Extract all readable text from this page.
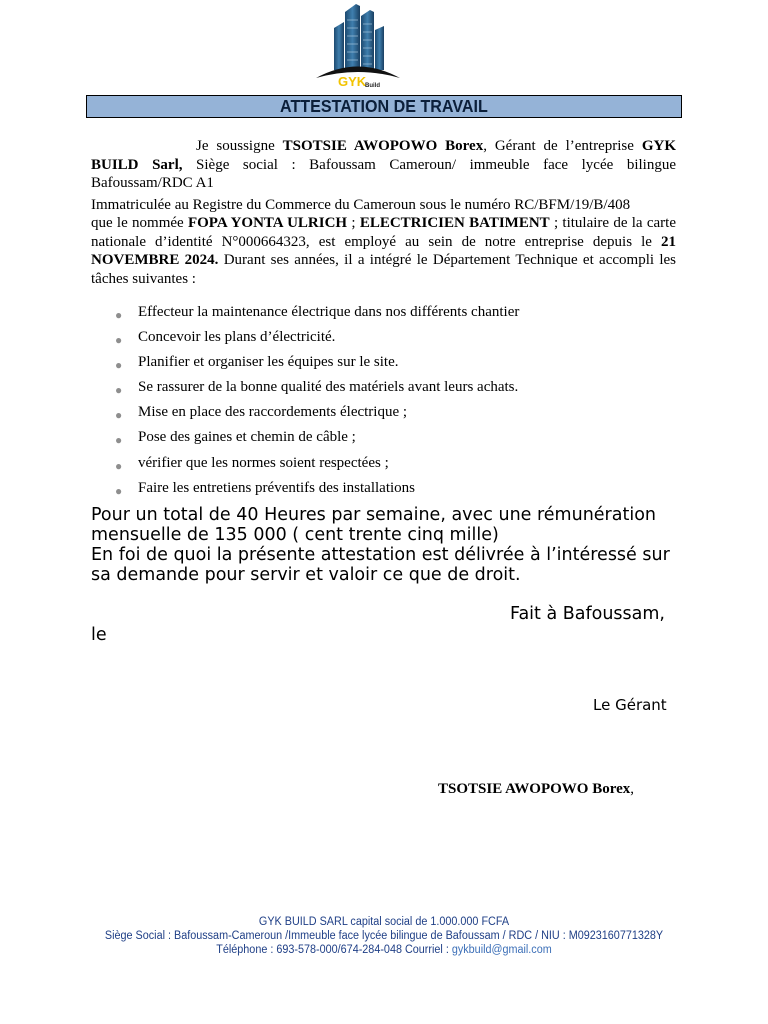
GYK
Build
ATTESTATION DE TRAVAIL
Je soussigne TSOTSIE AWOPOWO Borex, Gérant de l’entreprise GYK BUILD Sarl, Siège social : Bafoussam Cameroun/ immeuble face lycée bilingue Bafoussam/RDC A1
Immatriculée au Registre du Commerce du Cameroun sous le numéro RC/BFM/19/B/408
que le nommée FOPA YONTA ULRICH ; ELECTRICIEN BATIMENT ; titulaire de la carte nationale d’identité N°000664323, est employé au sein de notre entreprise depuis le 21 NOVEMBRE 2024. Durant ses années, il a intégré le Département Technique et accompli les tâches suivantes :
● Effecteur la maintenance électrique dans nos différents chantier
● Concevoir les plans d’électricité.
● Planifier et organiser les équipes sur le site.
● Se rassurer de la bonne qualité des matériels avant leurs achats.
● Mise en place des raccordements électrique ;
● Pose des gaines et chemin de câble ;
● vérifier que les normes soient respectées ;
● Faire les entretiens préventifs des installations
Pour un total de 40 Heures par semaine, avec une rémunération mensuelle de 135 000 ( cent trente cinq mille)
En foi de quoi la présente attestation est délivrée à l’intéressé sur sa demande pour servir et valoir ce que de droit.
Fait à Bafoussam,
le
Le Gérant
TSOTSIE AWOPOWO Borex,
GYK BUILD SARL capital social de 1.000.000 FCFA
Siège Social : Bafoussam-Cameroun /Immeuble face lycée bilingue de Bafoussam / RDC / NIU : M0923160771328Y
Téléphone : 693-578-000/674-284-048 Courriel : gykbuild@gmail.com
